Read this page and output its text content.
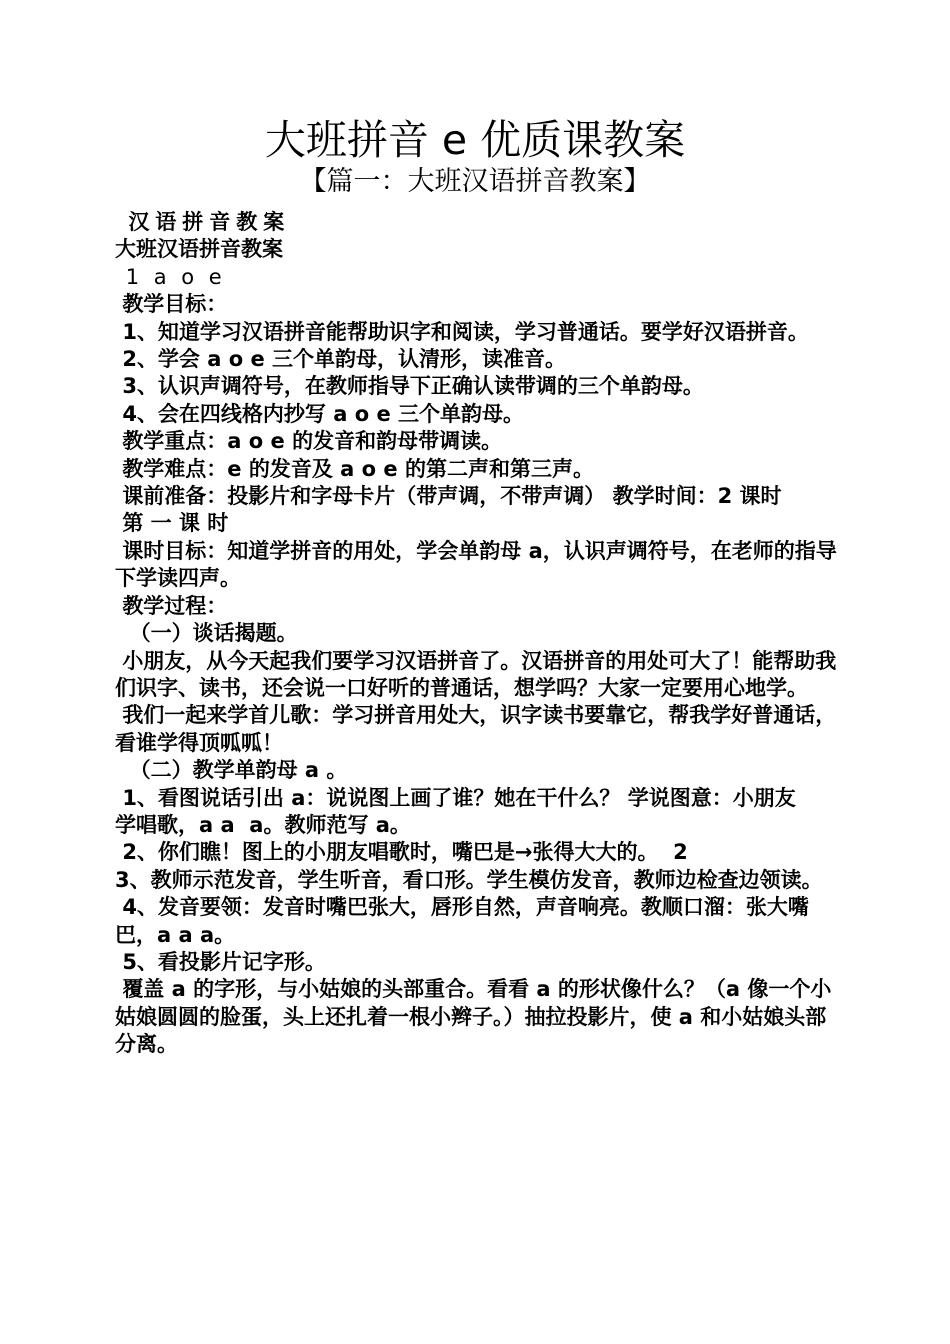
大班拼音 e 优质课教案
【篇一：大班汉语拼音教案】

汉语拼音教案

大班汉语拼音教案

1 a o e

教学目标：

1、知道学习汉语拼音能帮助识字和阅读，学习普通话。要学好汉语拼音。

2、学会 a o e 三个单韵母，认清形，读准音。

3、认识声调符号，在教师指导下正确认读带调的三个单韵母。

4、会在四线格内抄写 a o e 三个单韵母。

教学重点：a o e 的发音和韵母带调读。

教学难点：e 的发音及 a o e 的第二声和第三声。

课前准备：投影片和字母卡片（带声调，不带声调） 教学时间：2 课时

第 一 课 时

课时目标：知道学拼音的用处，学会单韵母 a，认识声调符号，在老师的指导下学读四声。

教学过程：

（一）谈话揭题。

小朋友，从今天起我们要学习汉语拼音了。汉语拼音的用处可大了！能帮助我们识字、读书，还会说一口好听的普通话，想学吗？大家一定要用心地学。

我们一起来学首儿歌：学习拼音用处大，识字读书要靠它，帮我学好普通话，看谁学得顶呱呱！

（二）教学单韵母 a 。

1、看图说话引出 a：说说图上画了谁？她在干什么？ 学说图意：小朋友

学唱歌，a a  a。教师范写 a。

2、你们瞧！图上的小朋友唱歌时，嘴巴是→张得大大的。  2

3、教师示范发音，学生听音，看口形。学生模仿发音，教师边检查边领读。

4、发音要领：发音时嘴巴张大，唇形自然，声音响亮。教顺口溜：张大嘴巴，a a a。

5、看投影片记字形。

覆盖 a 的字形，与小姑娘的头部重合。看看 a 的形状像什么？（a 像一个小姑娘圆圆的脸蛋，头上还扎着一根小辫子。）抽拉投影片，使 a 和小姑娘头部分离。
